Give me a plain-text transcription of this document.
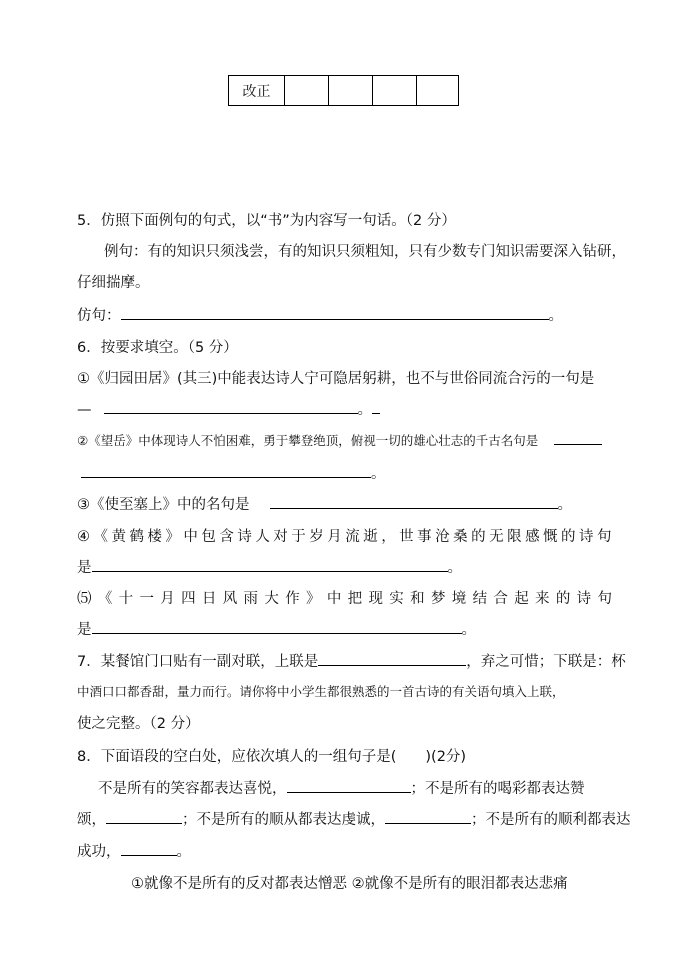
改正				
5．仿照下面例句的句式，以“书”为内容写一句话。（2 分）
例句：有的知识只须浅尝，有的知识只须粗知，只有少数专门知识需要深入钻研，
仔细揣摩。
仿句：	。
6．按要求填空。（5 分）
①《归园田居》(其三)中能表达诗人宁可隐居躬耕，也不与世俗同流合污的一句是
—	。
②《望岳》中体现诗人不怕困难，勇于攀登绝顶，俯视一切的雄心壮志的千古名句是
。
③《使至塞上》中的名句是	。
④《黄鹤楼》中包含诗人对于岁月流逝，世事沧桑的无限感慨的诗句
是	。
⑸《十一月四日风雨大作》中把现实和梦境结合起来的诗句
是	。
7．某餐馆门口贴有一副对联，上联是	，弃之可惜；下联是：杯
中酒口口都香甜，量力而行。请你将中小学生都很熟悉的一首古诗的有关语句填入上联，
使之完整。（2 分）
8．下面语段的空白处，应依次填人的一组句子是(　　)(2分)
不是所有的笑容都表达喜悦，	；不是所有的喝彩都表达赞
颂，	；不是所有的顺从都表达虔诚，	；不是所有的顺利都表达
成功，	。
①就像不是所有的反对都表达憎恶 ②就像不是所有的眼泪都表达悲痛
